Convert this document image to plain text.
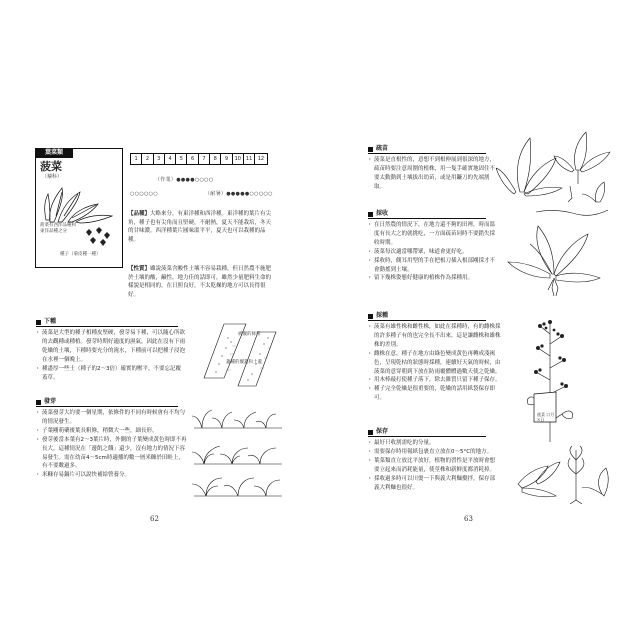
葉菜類
菠菜
（藜科）
菠菜有西洋品種和東洋品種之分
種子（菊皮種一種）
1	2	3	4	5	6	7	8	9	10 11	12
（作業）●●●●○○○○
○○○○○○	（耐暑）●●●●●○○○○○
【品種】大略來分，有東洋種和西洋種。東洋種的葉片有尖角，種子也有尖角而且堅硬，不耐熱，夏天不能栽培，冬天的甘味濃。西洋種葉片圓味溫平平，夏天也可以栽種的品種。
【性質】雖說菠菜含酸性土壤不容易栽種，但日然農不施肥於土壤的酸，鹼性，地力佳的話即可，雖然少量肥料生命的樣貌是相同的，在日照良好，不太乾燥的地方可以長得很好。
下種
・ 菠菜是大型的種子相種皮堅硬，發芽易下種，可以隨心所欲的去觀種或種植。發芽時期好適度的濕氣，因此在沒有下雨乾燥的土壤，下種時要充分的澆水，下種前可以把種子浸泡在水裡一個晚上。
・ 種盡厚一些土（種子的2～3倍）確實的壓平，不要忘記覆蓋草。
被覆的條帶
蓋種的覆蓋和土蓋
發芽
・ 菠菜發芽大約要一個星期，依條件的不同有時候會有不均勻的情況發生。
・ 子葉剛萌蘗後葉長粗條，稍微大一些，細長形。
・ 發芽後當本葉有2～3葉片時，外側的子葉變成黃色時即不再長大，這種情況在「邊飢之餓」還少，沒有地力的情況下容易發生。需在幼苗4～5cm時適播的數一層米糠於田畦上，有不要數過多。
・ 米糠存易鍋片可以說快補給營養分。
62
疏苗
・ 菠菜是直根性的，意想不到根伸展到很深的地方，疏苗時要注意周圍的植株，用一隻手確實地固住不要太動動到土壤拔出幼苗，或是用鐮刀的先端割取。
採收
・ 在日然農的情況下，在地力還不夠的田裡，時而溫度有長大之的就挑吃，一方面疏苗同時不要錯失採收時期。
・ 菠菜每次適當哪帶眾，味道會更好吃。
・ 採收時，側耳用型的手在把根刀插入根部剛採才不會動搖到土壤。
・ 留下幾株姿態好健康的植株作為採種用。
採種
・ 菠菜有雄性株和雌性株，如此在採種時，有的雌株採的許多種子有的也完全長不出來，這是讓雌株和雄株株的差別。
・ 雌株在意，種子在地方由綠色變成黃色再轉成淺褐色，呈現乾枯的狀態時採種，連續好天氣的時候，由菠菜的意穿朝到下放在防雨覆體體過數天使之乾燥。
・ 用木棒敲打使種子落下，除去雜質只留下種子保存。
・ 種子完全乾燥是很重要的，乾燥的話用紙袋保存即可。
菠菜 口月×日
保存
・ 最好只收割需吃的分量。
・ 需要保存時用報紙包裹直立放在0～5°C的地方。
・ 葉菜類直立放比平放好，植物的習性是平放時會想要立起來而消耗能量，使莖株和新鮮度都消耗掉。
・ 採收過多時可以川燙一下與義大利麵攪拌，保存部義大利麵也很好。
63
